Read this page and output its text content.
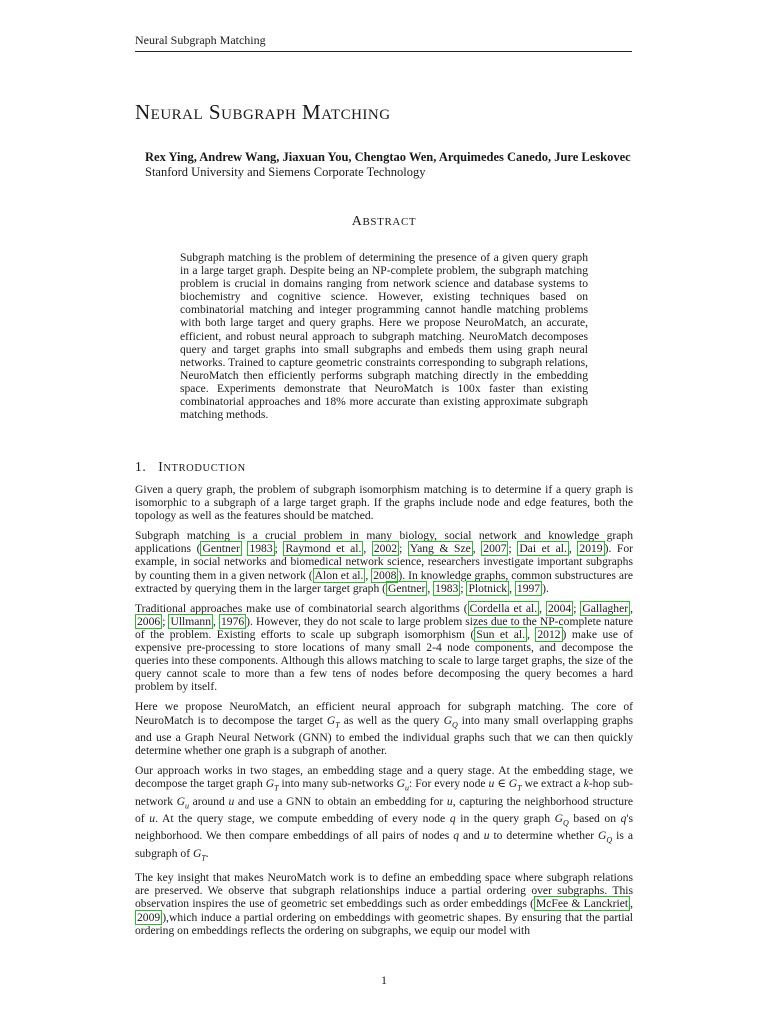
Neural Subgraph Matching
NEURAL SUBGRAPH MATCHING
Rex Ying, Andrew Wang, Jiaxuan You, Chengtao Wen, Arquimedes Canedo, Jure Leskovec
Stanford University and Siemens Corporate Technology
ABSTRACT

Subgraph matching is the problem of determining the presence of a given query graph in a large target graph. Despite being an NP-complete problem, the subgraph matching problem is crucial in domains ranging from network science and database systems to biochemistry and cognitive science. However, existing techniques based on combinatorial matching and integer programming cannot handle matching problems with both large target and query graphs. Here we propose NeuroMatch, an accurate, efficient, and robust neural approach to subgraph matching. NeuroMatch decomposes query and target graphs into small subgraphs and embeds them using graph neural networks. Trained to capture geometric constraints corresponding to subgraph relations, NeuroMatch then efficiently performs subgraph matching directly in the embedding space. Experiments demonstrate that NeuroMatch is 100x faster than existing combinatorial approaches and 18% more accurate than existing approximate subgraph matching methods.

1. INTRODUCTION

Given a query graph, the problem of subgraph isomorphism matching is to determine if a query graph is isomorphic to a subgraph of a large target graph. If the graphs include node and edge features, both the topology as well as the features should be matched.

Subgraph matching is a crucial problem in many biology, social network and knowledge graph applications ( Gentner 1983 ; Raymond et al. , 2002 ; Yang & Sze , 2007 ; Dai et al. , 2019 ). For example, in social networks and biomedical network science, researchers investigate important subgraphs by counting them in a given network ( Alon et al. , 2008 ). In knowledge graphs, common substructures are extracted by querying them in the larger target graph ( Gentner , 1983 ; Plotnick , 1997 ).

Traditional approaches make use of combinatorial search algorithms ( Cordella et al. , 2004 ; Gallagher , 2006 ; Ullmann , 1976 ). However, they do not scale to large problem sizes due to the NP-complete nature of the problem. Existing efforts to scale up subgraph isomorphism ( Sun et al. , 2012 ) make use of expensive pre-processing to store locations of many small 2-4 node components, and decompose the queries into these components. Although this allows matching to scale to large target graphs, the size of the query cannot scale to more than a few tens of nodes before decomposing the query becomes a hard problem by itself.

Here we propose NeuroMatch, an efficient neural approach for subgraph matching. The core of NeuroMatch is to decompose the target $G_T$ as well as the query $G_Q$ into many small overlapping graphs and use a Graph Neural Network (GNN) to embed the individual graphs such that we can then quickly determine whether one graph is a subgraph of another.

Our approach works in two stages, an embedding stage and a query stage. At the embedding stage, we decompose the target graph $G_T$ into many sub-networks $G_u$: For every node u ∈ $G_T$ we extract a k-hop sub-network $G_u$ around u and use a GNN to obtain an embedding for u, capturing the neighborhood structure of u. At the query stage, we compute embedding of every node q in the query graph $G_Q$ based on q's neighborhood. We then compare embeddings of all pairs of nodes q and u to determine whether $G_Q$ is a subgraph of $G_T$.

The key insight that makes NeuroMatch work is to define an embedding space where subgraph relations are preserved. We observe that subgraph relationships induce a partial ordering over subgraphs. This observation inspires the use of geometric set embeddings such as order embeddings ( McFee & Lanckriet , 2009 ),which induce a partial ordering on embeddings with geometric shapes. By ensuring that the partial ordering on embeddings reflects the ordering on subgraphs, we equip our model with

1
